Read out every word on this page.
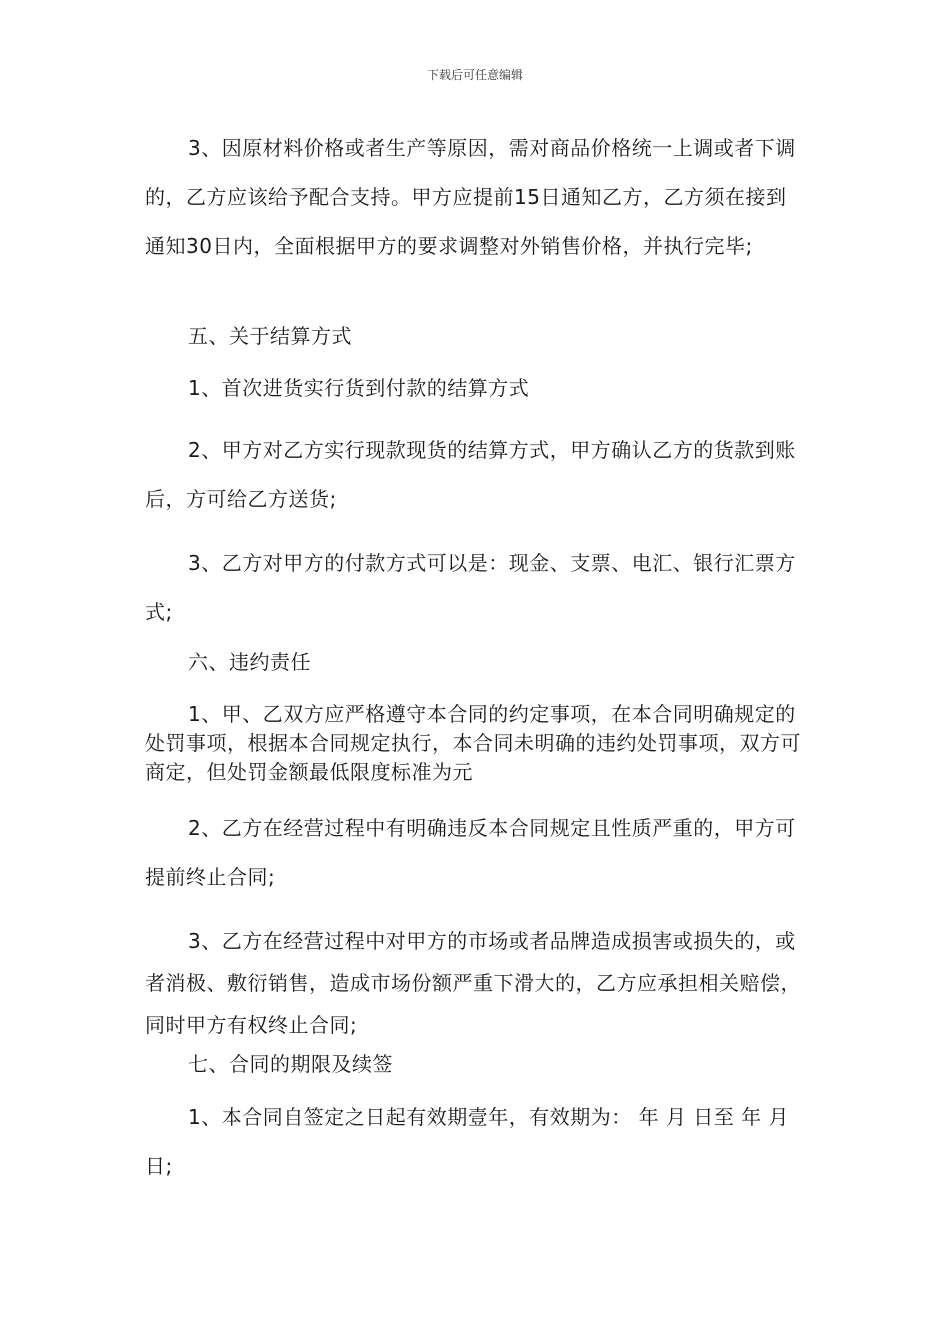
下载后可任意编辑
3、因原材料价格或者生产等原因，需对商品价格统一上调或者下调的，乙方应该给予配合支持。甲方应提前15日通知乙方，乙方须在接到通知30日内，全面根据甲方的要求调整对外销售价格，并执行完毕;
五、关于结算方式
1、首次进货实行货到付款的结算方式
2、甲方对乙方实行现款现货的结算方式，甲方确认乙方的货款到账后，方可给乙方送货;
3、乙方对甲方的付款方式可以是：现金、支票、电汇、银行汇票方式;
六、违约责任
1、甲、乙双方应严格遵守本合同的约定事项，在本合同明确规定的处罚事项，根据本合同规定执行，本合同未明确的违约处罚事项，双方可商定，但处罚金额最低限度标准为元
2、乙方在经营过程中有明确违反本合同规定且性质严重的，甲方可提前终止合同;
3、乙方在经营过程中对甲方的市场或者品牌造成损害或损失的，或者消极、敷衍销售，造成市场份额严重下滑大的，乙方应承担相关赔偿，同时甲方有权终止合同;
七、合同的期限及续签
1、本合同自签定之日起有效期壹年，有效期为： 年 月 日至 年 月 日;
